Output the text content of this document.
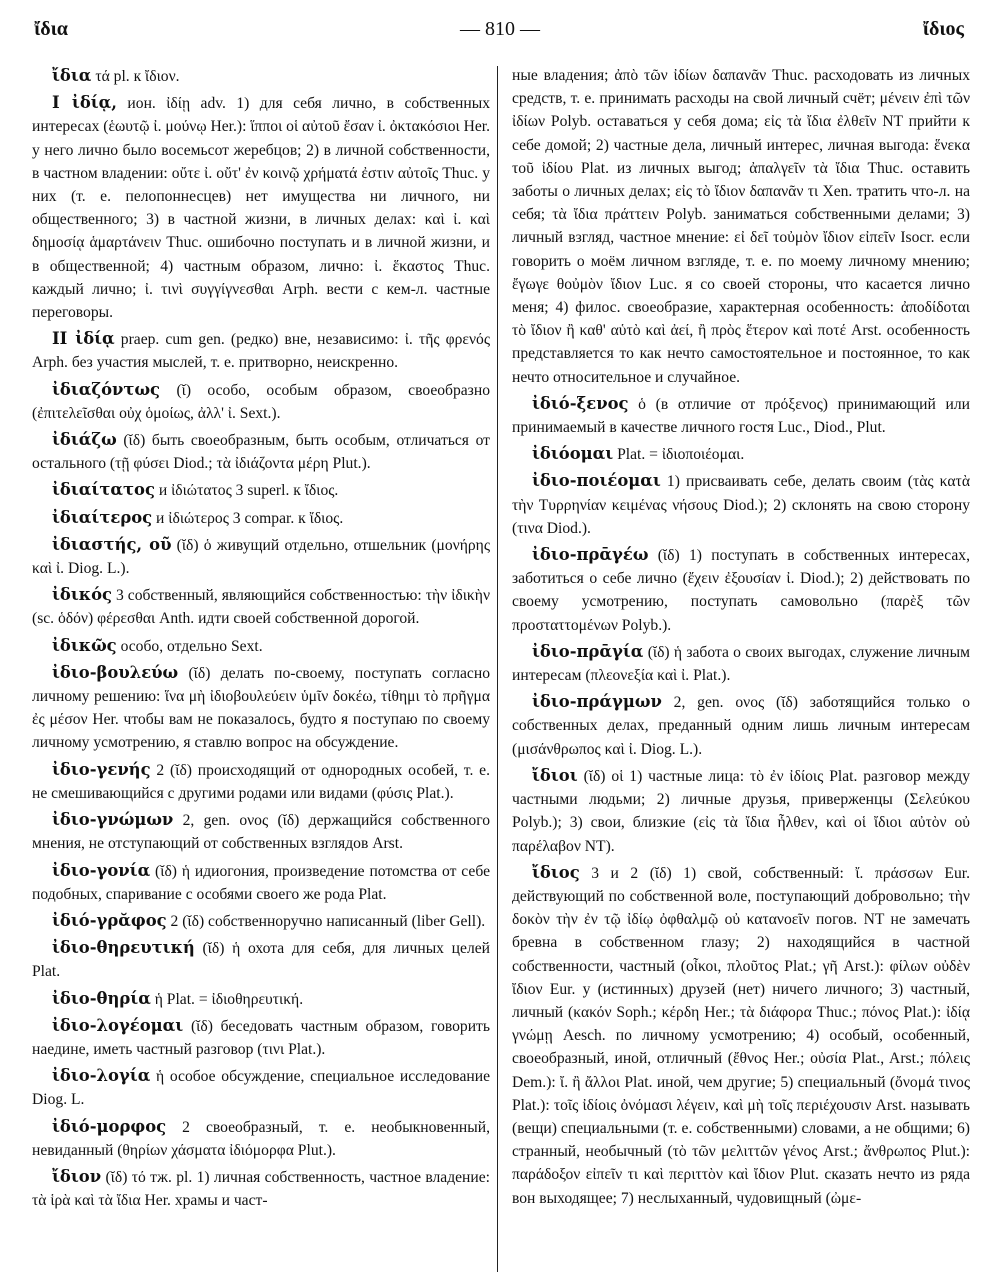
ἴδια	— 810 —	ἴδιος

ἴδια τά pl. к ἴδιον.

I ἰδίᾳ, ион. ἰδίῃ adv. 1) для себя лично, в собственных интересах (ἑωυτῷ ἰ. μούνῳ Her.): ἵπποι οἱ αὐτοῦ ἔσαν ἰ. ὀκτακόσιοι Her. у него лично было восемьсот жеребцов; 2) в личной собственности, в частном владении: οὔτε ἰ. οὔτ' ἐν κοινῷ χρήματά ἐστιν αὐτοῖς Thuc. у них (т. е. пелопоннесцев) нет имущества ни личного, ни общественного; 3) в частной жизни, в личных делах: καὶ ἰ. καὶ δημοσίᾳ ἁμαρτάνειν Thuc. ошибочно поступать и в личной жизни, и в общественной; 4) частным образом, лично: ἰ. ἕκαστος Thuc. каждый лично; ἰ. τινὶ συγγίγνεσθαι Arph. вести с кем-л. частные переговоры.

II ἰδίᾳ praep. cum gen. (редко) вне, независимо: ἰ. τῆς φρενός Arph. без участия мыслей, т. е. притворно, неискренно.

ἰδιαζόντως (ῐ) особо, особым образом, своеобразно (ἐπιτελεῖσθαι οὐχ ὁμοίως, ἀλλ' ἰ. Sext.).

ἰδιάζω (ῐδ) быть своеобразным, быть особым, отличаться от остального (τῇ φύσει Diod.; τὰ ἰδιάζοντα μέρη Plut.).

ἰδιαίτατος и ἰδιώτατος 3 superl. к ἴδιος.

ἰδιαίτερος и ἰδιώτερος 3 compar. к ἴδιος.

ἰδιαστής, οῦ (ῐδ) ὁ живущий отдельно, отшельник (μονήρης καὶ ἰ. Diog. L.).

ἰδικός 3 собственный, являющийся собственностью: τὴν ἰδικὴν (sc. ὁδόν) φέρεσθαι Anth. идти своей собственной дорогой.

ἰδικῶς особо, отдельно Sext.

ἰδιο-βουλεύω (ῐδ) делать по-своему, поступать согласно личному решению: ἵνα μὴ ἰδιοβουλεύειν ὑμῖν δοκέω, τίθημι τὸ πρῆγμα ἐς μέσον Her. чтобы вам не показалось, будто я поступаю по своему личному усмотрению, я ставлю вопрос на обсуждение.

ἰδιο-γενής 2 (ῐδ) происходящий от однородных особей, т. е. не смешивающийся с другими родами или видами (φύσις Plat.).

ἰδιο-γνώμων 2, gen. ονος (ῐδ) держащийся собственного мнения, не отступающий от собственных взглядов Arst.

ἰδιο-γονία (ῐδ) ἡ идиогония, произведение потомства от себе подобных, спаривание с особями своего же рода Plat.

ἰδιό-γρᾰφος 2 (ῐδ) собственноручно написанный (liber Gell).

ἰδιο-θηρευτική (ῐδ) ἡ охота для себя, для личных целей Plat.

ἰδιο-θηρία ἡ Plat. = ἰδιοθηρευτική.

ἰδιο-λογέομαι (ῐδ) беседовать частным образом, говорить наедине, иметь частный разговор (τινι Plat.).

ἰδιο-λογία ἡ особое обсуждение, специальное исследование Diog. L.

ἰδιό-μορφος 2 своеобразный, т. е. необыкновенный, невиданный (θηρίων χάσματα ἰδιόμορφα Plut.).

ἴδιον (ῐδ) τό тж. pl. 1) личная собственность, частное владение: τὰ ἱρὰ καὶ τὰ ἴδια Her. храмы и част-

ные владения; ἀπὸ τῶν ἰδίων δαπανᾶν Thuc. расходовать из личных средств, т. е. принимать расходы на свой личный счёт; μένειν ἐπὶ τῶν ἰδίων Polyb. оставаться у себя дома; εἰς τὰ ἴδια ἐλθεῖν NT прийти к себе домой; 2) частные дела, личный интерес, личная выгода: ἕνεκα τοῦ ἰδίου Plat. из личных выгод; ἀπαλγεῖν τὰ ἴδια Thuc. оставить заботы о личных делах; εἰς τὸ ἴδιον δαπανᾶν τι Xen. тратить что-л. на себя; τὰ ἴδια πράττειν Polyb. заниматься собственными делами; 3) личный взгляд, частное мнение: εἰ δεῖ τοὐμὸν ἴδιον εἰπεῖν Isocr. если говорить о моём личном взгляде, т. е. по моему личному мнению; ἔγωγε θοὐμὸν ἴδιον Luc. я со своей стороны, что касается лично меня; 4) филос. своеобразие, характерная особенность: ἀποδίδοται τὸ ἴδιον ἢ καθ' αὑτὸ καὶ ἀεί, ἢ πρὸς ἕτερον καὶ ποτέ Arst. особенность представляется то как нечто самостоятельное и постоянное, то как нечто относительное и случайное.

ἰδιό-ξενος ὁ (в отличие от πρόξενος) принимающий или принимаемый в качестве личного гостя Luc., Diod., Plut.

ἰδιόομαι Plat. = ἰδιοποιέομαι.

ἰδιο-ποιέομαι 1) присваивать себе, делать своим (τὰς κατὰ τὴν Τυρρηνίαν κειμένας νήσους Diod.); 2) склонять на свою сторону (τινα Diod.).

ἰδιο-πρᾱγέω (ῐδ) 1) поступать в собственных интересах, заботиться о себе лично (ἔχειν ἐξουσίαν ἰ. Diod.); 2) действовать по своему усмотрению, поступать самовольно (παρὲξ τῶν προσταττομένων Polyb.).

ἰδιο-πρᾱγία (ῐδ) ἡ забота о своих выгодах, служение личным интересам (πλεονεξία καὶ ἰ. Plat.).

ἰδιο-πράγμων 2, gen. ονος (ῐδ) заботящийся только о собственных делах, преданный одним лишь личным интересам (μισάνθρωπος καὶ ἰ. Diog. L.).

ἴδιοι (ῐδ) οἱ 1) частные лица: τὸ ἐν ἰδίοις Plat. разговор между частными людьми; 2) личные друзья, приверженцы (Σελεύκου Polyb.); 3) свои, близкие (εἰς τὰ ἴδια ἦλθεν, καὶ οἱ ἴδιοι αὐτὸν οὐ παρέλαβον NT).

ἴδιος 3 и 2 (ῐδ) 1) свой, собственный: ἴ. πράσσων Eur. действующий по собственной воле, поступающий добровольно; τὴν δοκὸν τὴν ἐν τῷ ἰδίῳ ὀφθαλμῷ οὐ κατανοεῖν погов. NT не замечать бревна в собственном глазу; 2) находящийся в частной собственности, частный (οἶκοι, πλοῦτος Plat.; γῆ Arst.): φίλων οὐδὲν ἴδιον Eur. у (истинных) друзей (нет) ничего личного; 3) частный, личный (κακόν Soph.; κέρδη Her.; τὰ διάφορα Thuc.; πόνος Plat.): ἰδίᾳ γνώμῃ Aesch. по личному усмотрению; 4) особый, особенный, своеобразный, иной, отличный (ἔθνος Her.; οὐσία Plat., Arst.; πόλεις Dem.): ἴ. ἢ ἄλλοι Plat. иной, чем другие; 5) специальный (ὄνομά τινος Plat.): τοῖς ἰδίοις ὀνόμασι λέγειν, καὶ μὴ τοῖς περιέχουσιν Arst. называть (вещи) специальными (т. е. собственными) словами, а не общими; 6) странный, необычный (τὸ τῶν μελιττῶν γένος Arst.; ἄνθρωπος Plut.): παράδοξον εἰπεῖν τι καὶ περιττὸν καὶ ἴδιον Plut. сказать нечто из ряда вон выходящее; 7) неслыханный, чудовищный (ὠμε-
